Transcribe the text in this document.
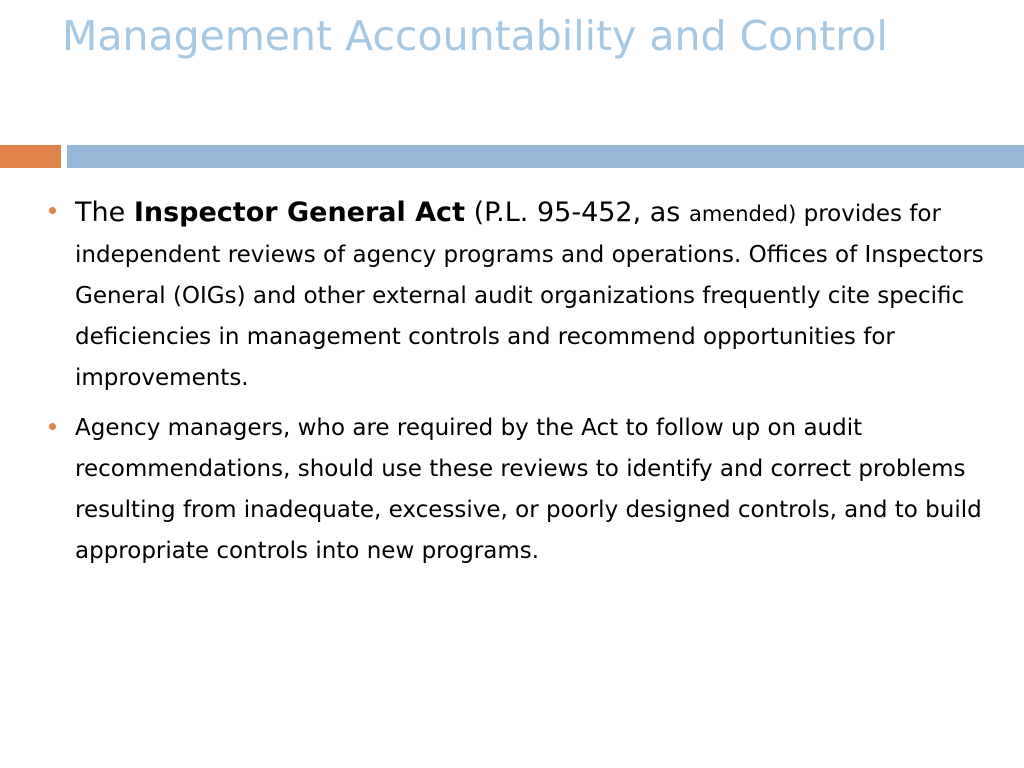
Management Accountability and Control
The Inspector General Act (P.L. 95-452, as amended) provides for independent reviews of agency programs and operations. Offices of Inspectors General (OIGs) and other external audit organizations frequently cite specific deficiencies in management controls and recommend opportunities for improvements.
Agency managers, who are required by the Act to follow up on audit recommendations, should use these reviews to identify and correct problems resulting from inadequate, excessive, or poorly designed controls, and to build appropriate controls into new programs.
